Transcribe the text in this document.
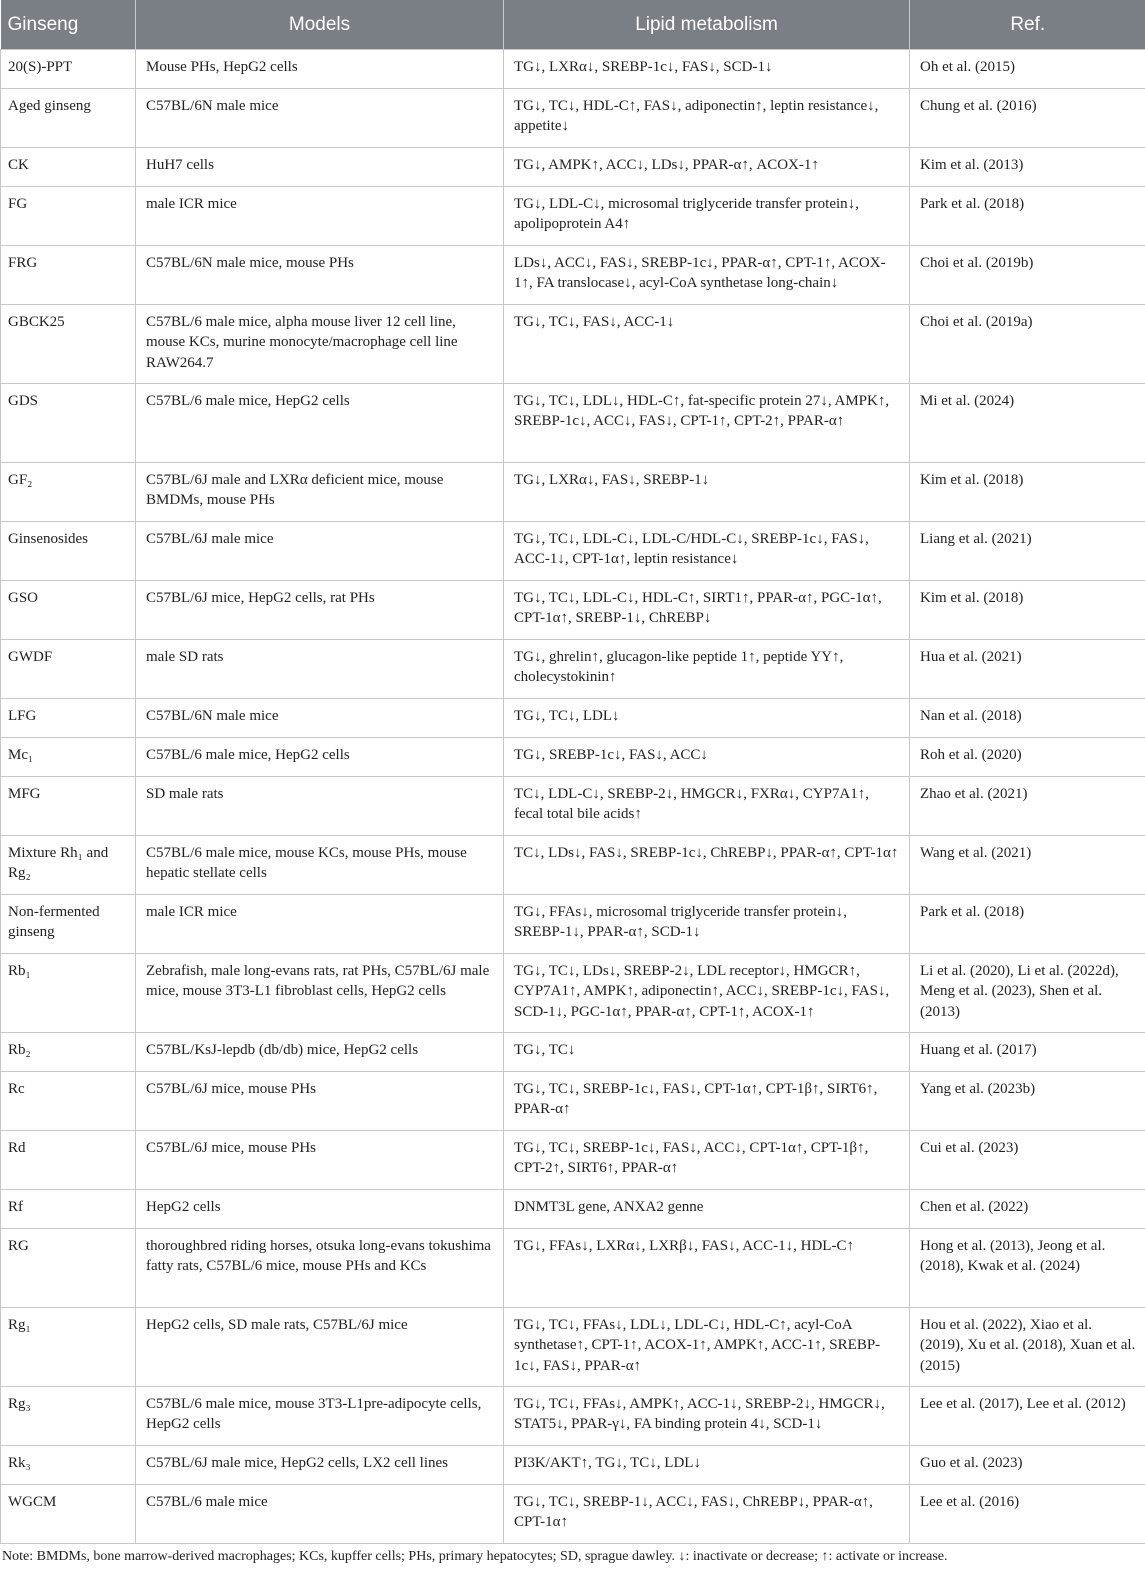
Ginseng	Models	Lipid metabolism	Ref.
20(S)-PPT	Mouse PHs, HepG2 cells	TG↓, LXRα↓, SREBP-1c↓, FAS↓, SCD-1↓	Oh et al. (2015)
Aged ginseng	C57BL/6N male mice	TG↓, TC↓, HDL-C↑, FAS↓, adiponectin↑, leptin resistance↓, appetite↓	Chung et al. (2016)
CK	HuH7 cells	TG↓, AMPK↑, ACC↓, LDs↓, PPAR-α↑, ACOX-1↑	Kim et al. (2013)
FG	male ICR mice	TG↓, LDL-C↓, microsomal triglyceride transfer protein↓, apolipoprotein A4↑	Park et al. (2018)
FRG	C57BL/6N male mice, mouse PHs	LDs↓, ACC↓, FAS↓, SREBP-1c↓, PPAR-α↑, CPT-1↑, ACOX-1↑, FA translocase↓, acyl-CoA synthetase long-chain↓	Choi et al. (2019b)
GBCK25	C57BL/6 male mice, alpha mouse liver 12 cell line, mouse KCs, murine monocyte/macrophage cell line RAW264.7	TG↓, TC↓, FAS↓, ACC-1↓	Choi et al. (2019a)
GDS	C57BL/6 male mice, HepG2 cells	TG↓, TC↓, LDL↓, HDL-C↑, fat-specific protein 27↓, AMPK↑, SREBP-1c↓, ACC↓, FAS↓, CPT-1↑, CPT-2↑, PPAR-α↑	Mi et al. (2024)
GF₂	C57BL/6J male and LXRα deficient mice, mouse BMDMs, mouse PHs	TG↓, LXRα↓, FAS↓, SREBP-1↓	Kim et al. (2018)
Ginsenosides	C57BL/6J male mice	TG↓, TC↓, LDL-C↓, LDL-C/HDL-C↓, SREBP-1c↓, FAS↓, ACC-1↓, CPT-1α↑, leptin resistance↓	Liang et al. (2021)
GSO	C57BL/6J mice, HepG2 cells, rat PHs	TG↓, TC↓, LDL-C↓, HDL-C↑, SIRT1↑, PPAR-α↑, PGC-1α↑, CPT-1α↑, SREBP-1↓, ChREBP↓	Kim et al. (2018)
GWDF	male SD rats	TG↓, ghrelin↑, glucagon-like peptide 1↑, peptide YY↑, cholecystokinin↑	Hua et al. (2021)
LFG	C57BL/6N male mice	TG↓, TC↓, LDL↓	Nan et al. (2018)
Mc₁	C57BL/6 male mice, HepG2 cells	TG↓, SREBP-1c↓, FAS↓, ACC↓	Roh et al. (2020)
MFG	SD male rats	TC↓, LDL-C↓, SREBP-2↓, HMGCR↓, FXRα↓, CYP7A1↑, fecal total bile acids↑	Zhao et al. (2021)
Mixture Rh₁ and Rg₂	C57BL/6 male mice, mouse KCs, mouse PHs, mouse hepatic stellate cells	TC↓, LDs↓, FAS↓, SREBP-1c↓, ChREBP↓, PPAR-α↑, CPT-1α↑	Wang et al. (2021)
Non-fermented ginseng	male ICR mice	TG↓, FFAs↓, microsomal triglyceride transfer protein↓, SREBP-1↓, PPAR-α↑, SCD-1↓	Park et al. (2018)
Rb₁	Zebrafish, male long-evans rats, rat PHs, C57BL/6J male mice, mouse 3T3-L1 fibroblast cells, HepG2 cells	TG↓, TC↓, LDs↓, SREBP-2↓, LDL receptor↓, HMGCR↑, CYP7A1↑, AMPK↑, adiponectin↑, ACC↓, SREBP-1c↓, FAS↓, SCD-1↓, PGC-1α↑, PPAR-α↑, CPT-1↑, ACOX-1↑	Li et al. (2020), Li et al. (2022d), Meng et al. (2023), Shen et al. (2013)
Rb₂	C57BL/KsJ-lepdb (db/db) mice, HepG2 cells	TG↓, TC↓	Huang et al. (2017)
Rc	C57BL/6J mice, mouse PHs	TG↓, TC↓, SREBP-1c↓, FAS↓, CPT-1α↑, CPT-1β↑, SIRT6↑, PPAR-α↑	Yang et al. (2023b)
Rd	C57BL/6J mice, mouse PHs	TG↓, TC↓, SREBP-1c↓, FAS↓, ACC↓, CPT-1α↑, CPT-1β↑, CPT-2↑, SIRT6↑, PPAR-α↑	Cui et al. (2023)
Rf	HepG2 cells	DNMT3L gene, ANXA2 genne	Chen et al. (2022)
RG	thoroughbred riding horses, otsuka long-evans tokushima fatty rats, C57BL/6 mice, mouse PHs and KCs	TG↓, FFAs↓, LXRα↓, LXRβ↓, FAS↓, ACC-1↓, HDL-C↑	Hong et al. (2013), Jeong et al. (2018), Kwak et al. (2024)
Rg₁	HepG2 cells, SD male rats, C57BL/6J mice	TG↓, TC↓, FFAs↓, LDL↓, LDL-C↓, HDL-C↑, acyl-CoA synthetase↑, CPT-1↑, ACOX-1↑, AMPK↑, ACC-1↑, SREBP-1c↓, FAS↓, PPAR-α↑	Hou et al. (2022), Xiao et al. (2019), Xu et al. (2018), Xuan et al. (2015)
Rg₃	C57BL/6 male mice, mouse 3T3-L1pre-adipocyte cells, HepG2 cells	TG↓, TC↓, FFAs↓, AMPK↑, ACC-1↓, SREBP-2↓, HMGCR↓, STAT5↓, PPAR-γ↓, FA binding protein 4↓, SCD-1↓	Lee et al. (2017), Lee et al. (2012)
Rk₃	C57BL/6J male mice, HepG2 cells, LX2 cell lines	PI3K/AKT↑, TG↓, TC↓, LDL↓	Guo et al. (2023)
WGCM	C57BL/6 male mice	TG↓, TC↓, SREBP-1↓, ACC↓, FAS↓, ChREBP↓, PPAR-α↑, CPT-1α↑	Lee et al. (2016)
Note: BMDMs, bone marrow-derived macrophages; KCs, kupffer cells; PHs, primary hepatocytes; SD, sprague dawley. ↓: inactivate or decrease; ↑: activate or increase.
